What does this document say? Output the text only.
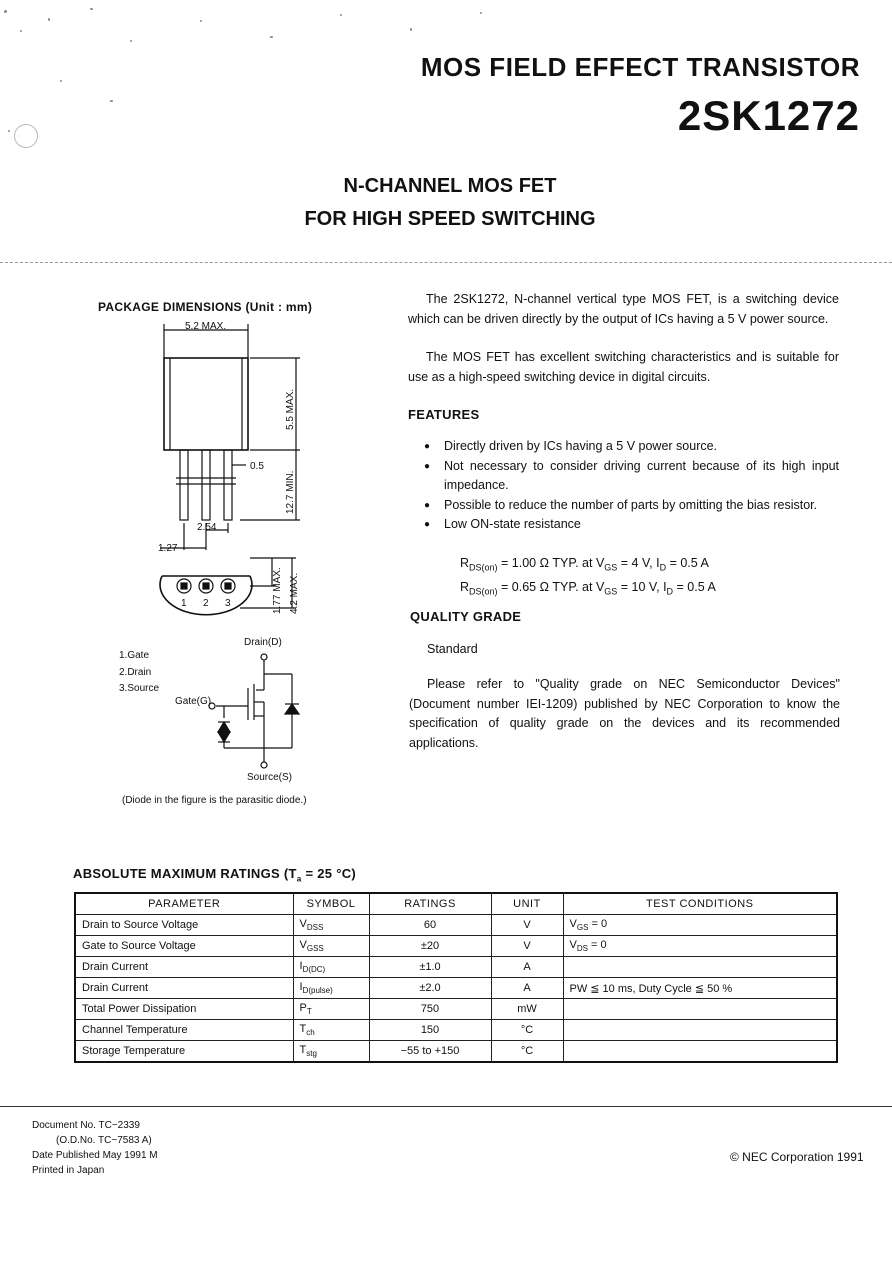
MOS FIELD EFFECT TRANSISTOR
2SK1272
N-CHANNEL MOS FET
FOR HIGH SPEED SWITCHING
PACKAGE DIMENSIONS (Unit : mm)
5.2 MAX.
5.5 MAX.
0.5
12.7 MIN.
2.54
1.27
1.77 MAX. 4.2 MAX.
1 2 3
Drain(D)
Gate(G)
Source(S)
1.Gate
2.Drain
3.Source
(Diode in the figure is the parasitic diode.)
The 2SK1272, N-channel vertical type MOS FET, is a switching device which can be driven directly by the output of ICs having a 5 V power source.
The MOS FET has excellent switching characteristics and is suitable for use as a high-speed switching device in digital circuits.
FEATURES
● Directly driven by ICs having a 5 V power source.
● Not necessary to consider driving current because of its high input impedance.
● Possible to reduce the number of parts by omitting the bias resistor.
● Low ON-state resistance
$R_{DS(on)} = 1.00$ Ω TYP. at $V_{GS} = 4$ V, $I_D = 0.5$ A
$R_{DS(on)} = 0.65$ Ω TYP. at $V_{GS} = 10$ V, $I_D = 0.5$ A
QUALITY GRADE
Standard
Please refer to "Quality grade on NEC Semiconductor Devices" (Document number IEI-1209) published by NEC Corporation to know the specification of quality grade on the devices and its recommended applications.
ABSOLUTE MAXIMUM RATINGS ($T_a = 25$ °C)
PARAMETER	SYMBOL	RATINGS	UNIT	TEST CONDITIONS
Drain to Source Voltage	$V_{DSS}$	60	V	$V_{GS} = 0$
Gate to Source Voltage	$V_{GSS}$	±20	V	$V_{DS} = 0$
Drain Current	$I_{D(DC)}$	±1.0	A	
Drain Current	$I_{D(pulse)}$	±2.0	A	PW ≦ 10 ms, Duty Cycle ≦ 50 %
Total Power Dissipation	$P_T$	750	mW	
Channel Temperature	$T_{ch}$	150	°C	
Storage Temperature	$T_{stg}$	−55 to +150	°C	
Document No. TC−2339
(O.D.No. TC−7583 A)
Date Published May 1991 M
Printed in Japan
© NEC Corporation 1991
